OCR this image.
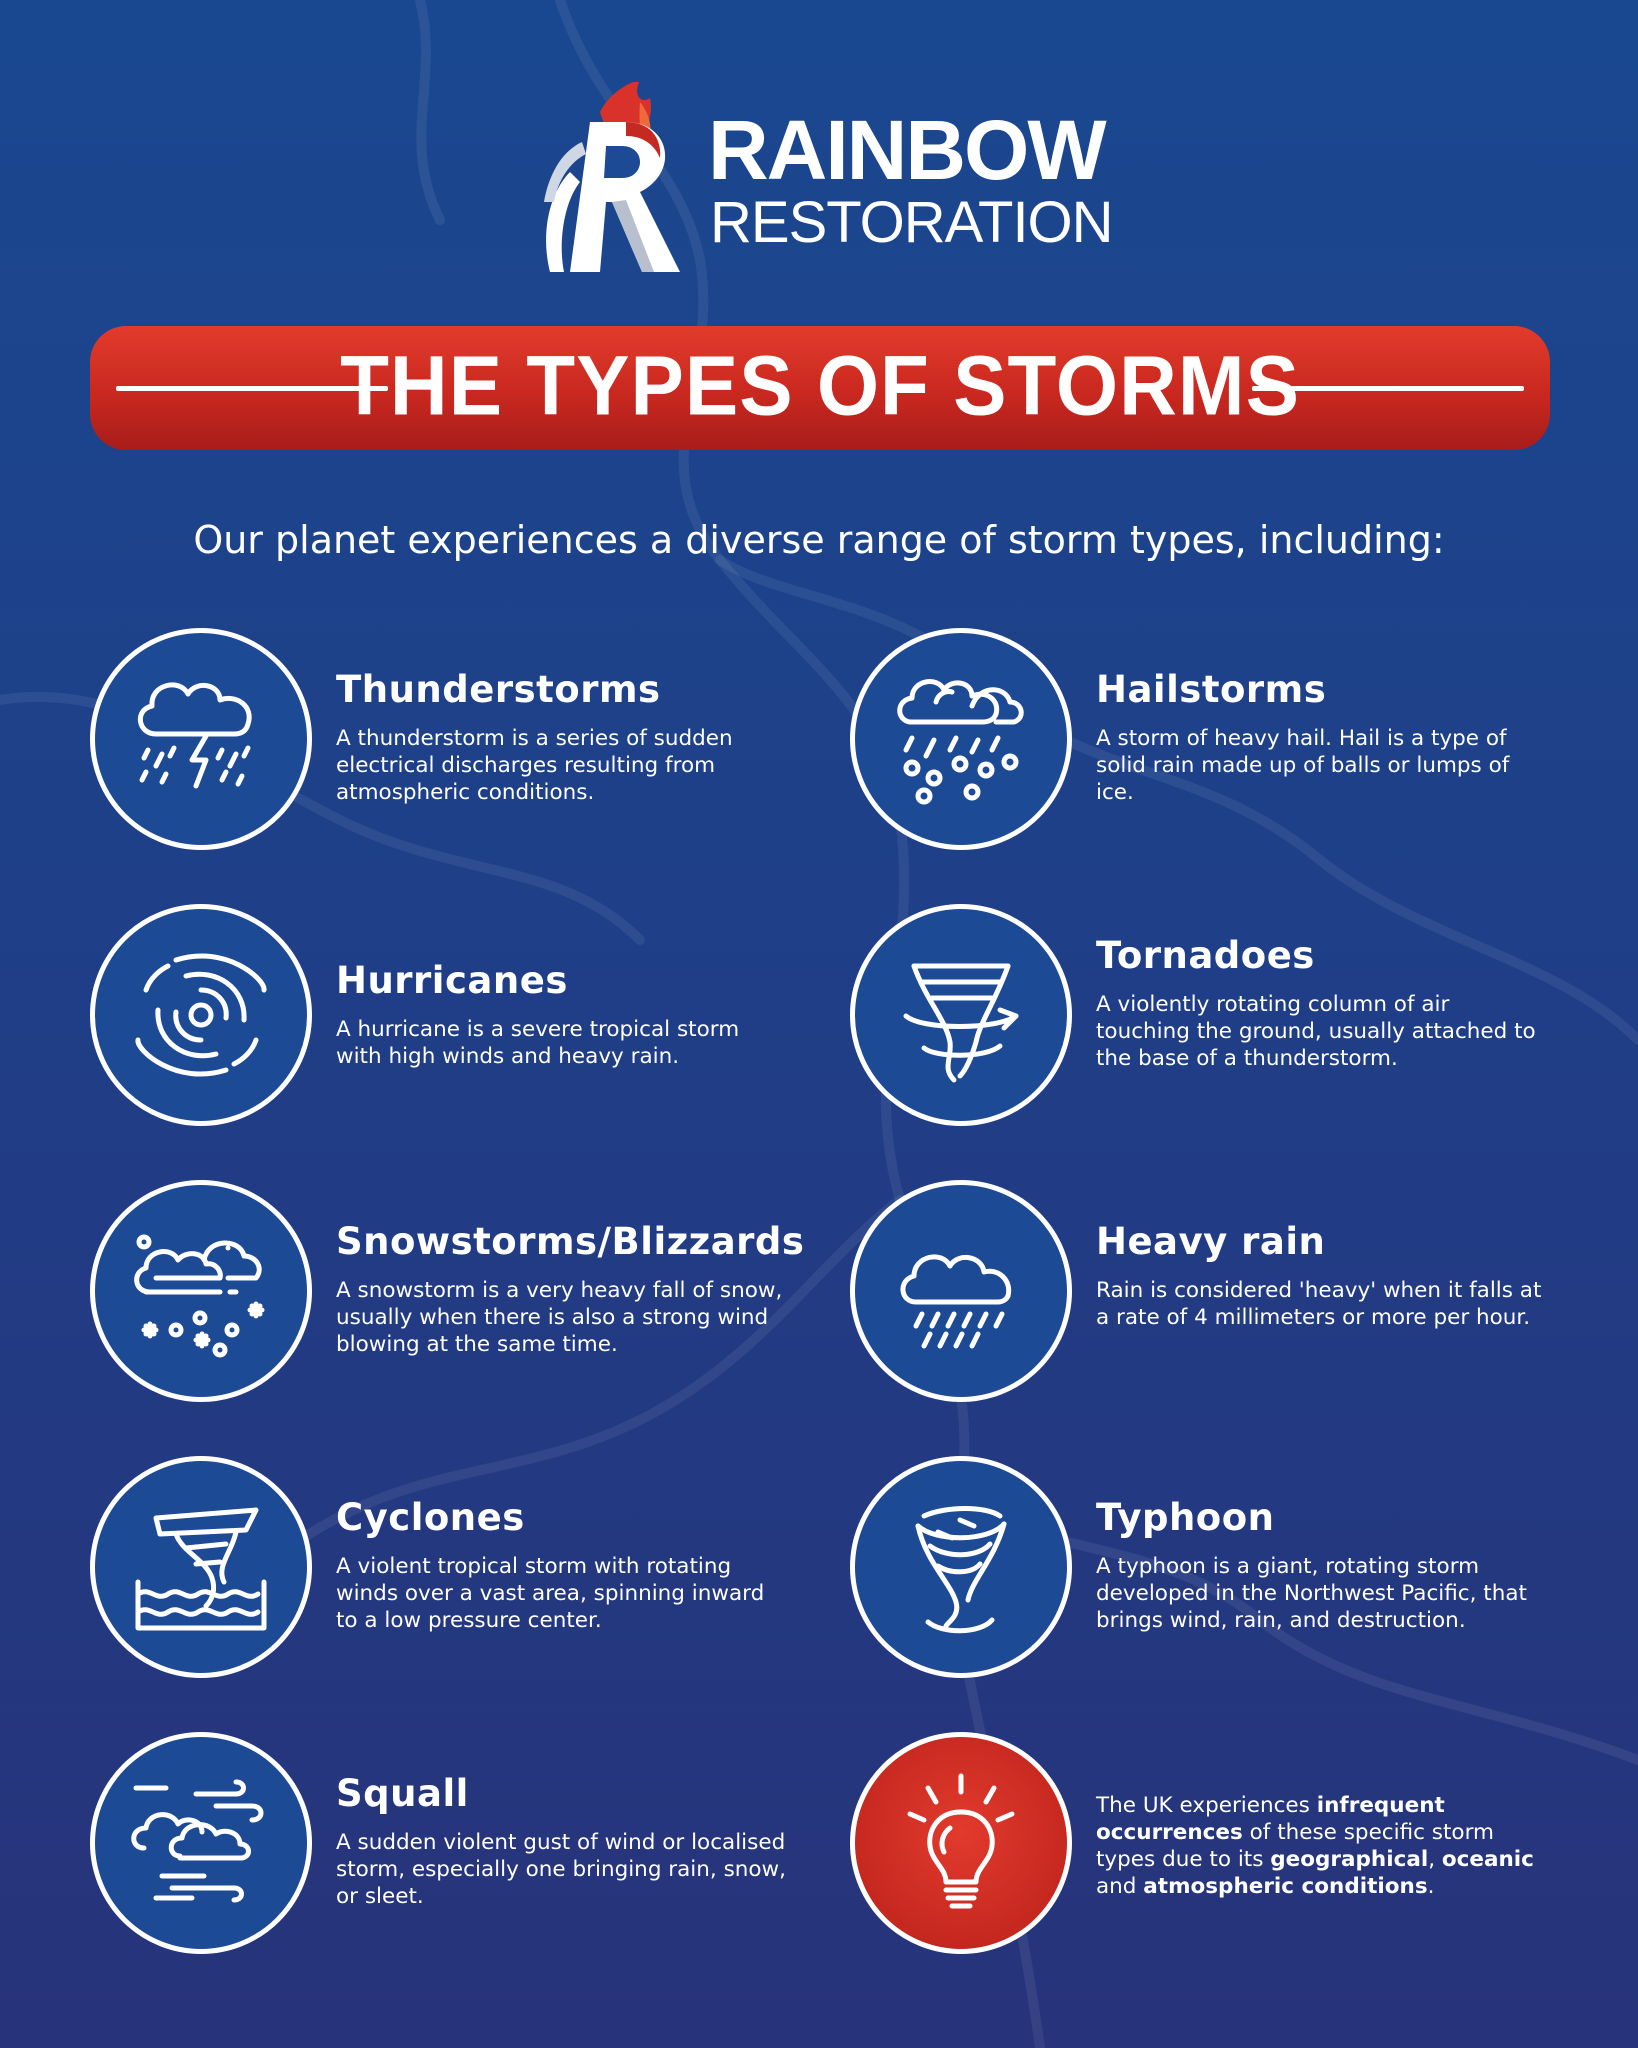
RAINBOW
RESTORATION
THE TYPES OF STORMS
Our planet experiences a diverse range of storm types, including:
Thunderstorms
A thunderstorm is a series of sudden electrical discharges resulting from atmospheric conditions.
Hailstorms
A storm of heavy hail. Hail is a type of solid rain made up of balls or lumps of ice.
Hurricanes
A hurricane is a severe tropical storm with high winds and heavy rain.
Tornadoes
A violently rotating column of air touching the ground, usually attached to the base of a thunderstorm.
Snowstorms/Blizzards
A snowstorm is a very heavy fall of snow, usually when there is also a strong wind blowing at the same time.
Heavy rain
Rain is considered 'heavy' when it falls at a rate of 4 millimeters or more per hour.
Cyclones
A violent tropical storm with rotating winds over a vast area, spinning inward to a low pressure center.
Typhoon
A typhoon is a giant, rotating storm developed in the Northwest Pacific, that brings wind, rain, and destruction.
Squall
A sudden violent gust of wind or localised storm, especially one bringing rain, snow, or sleet.
The UK experiences infrequent occurrences of these specific storm types due to its geographical, oceanic and atmospheric conditions.
